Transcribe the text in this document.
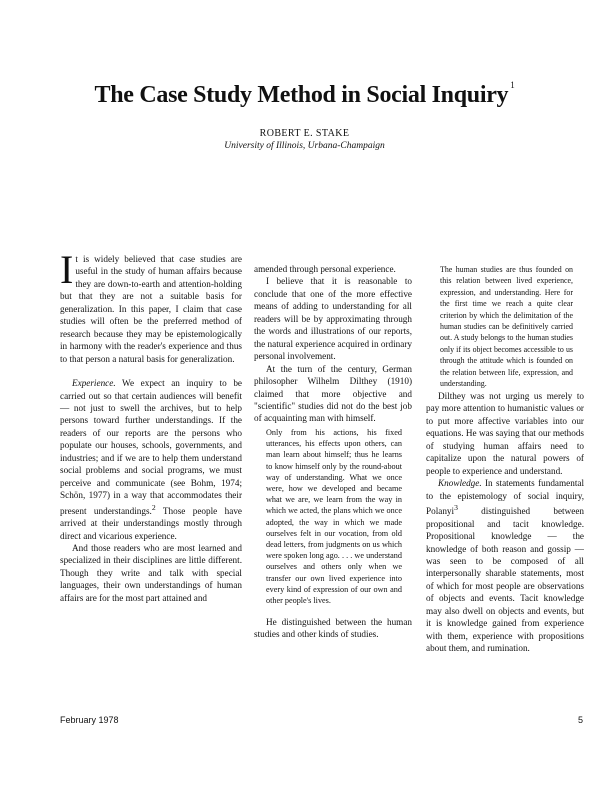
The Case Study Method in Social Inquiry $^1$
ROBERT E. STAKE
University of Illinois, Urbana-Champaign

It is widely believed that case studies are useful in the study of human affairs because they are down-to-earth and attention-holding but that they are not a suitable basis for generalization. In this paper, I claim that case studies will often be the preferred method of research because they may be epistemologically in harmony with the reader's experience and thus to that person a natural basis for generalization.

Experience. We expect an inquiry to be carried out so that certain audiences will benefit — not just to swell the archives, but to help persons toward further understandings. If the readers of our reports are the persons who populate our houses, schools, governments, and industries; and if we are to help them understand social problems and social programs, we must perceive and communicate (see Bohm, 1974; Schön, 1977) in a way that accommodates their present understandings.$^2$ Those people have arrived at their understandings mostly through direct and vicarious experience.

And those readers who are most learned and specialized in their disciplines are little different. Though they write and talk with special languages, their own understandings of human affairs are for the most part attained and

amended through personal experience.

I believe that it is reasonable to conclude that one of the more effective means of adding to understanding for all readers will be by approximating through the words and illustrations of our reports, the natural experience acquired in ordinary personal involvement.

At the turn of the century, German philosopher Wilhelm Dilthey (1910) claimed that more objective and "scientific" studies did not do the best job of acquainting man with himself.

Only from his actions, his fixed utterances, his effects upon others, can man learn about himself; thus he learns to know himself only by the round-about way of understanding. What we once were, how we developed and became what we are, we learn from the way in which we acted, the plans which we once adopted, the way in which we made ourselves felt in our vocation, from old dead letters, from judgments on us which were spoken long ago. . . . we understand ourselves and others only when we transfer our own lived experience into every kind of expression of our own and other people's lives.

He distinguished between the human studies and other kinds of studies.

The human studies are thus founded on this relation between lived experience, expression, and understanding. Here for the first time we reach a quite clear criterion by which the delimitation of the human studies can be definitively carried out. A study belongs to the human studies only if its object becomes accessible to us through the attitude which is founded on the relation between life, expression, and understanding.

Dilthey was not urging us merely to pay more attention to humanistic values or to put more affective variables into our equations. He was saying that our methods of studying human affairs need to capitalize upon the natural powers of people to experience and understand.

Knowledge. In statements fundamental to the epistemology of social inquiry, Polanyi$^3$ distinguished between propositional and tacit knowledge. Propositional knowledge — the knowledge of both reason and gossip — was seen to be composed of all interpersonally sharable statements, most of which for most people are observations of objects and events. Tacit knowledge may also dwell on objects and events, but it is knowledge gained from experience with them, experience with propositions about them, and rumination.

February 1978	5
